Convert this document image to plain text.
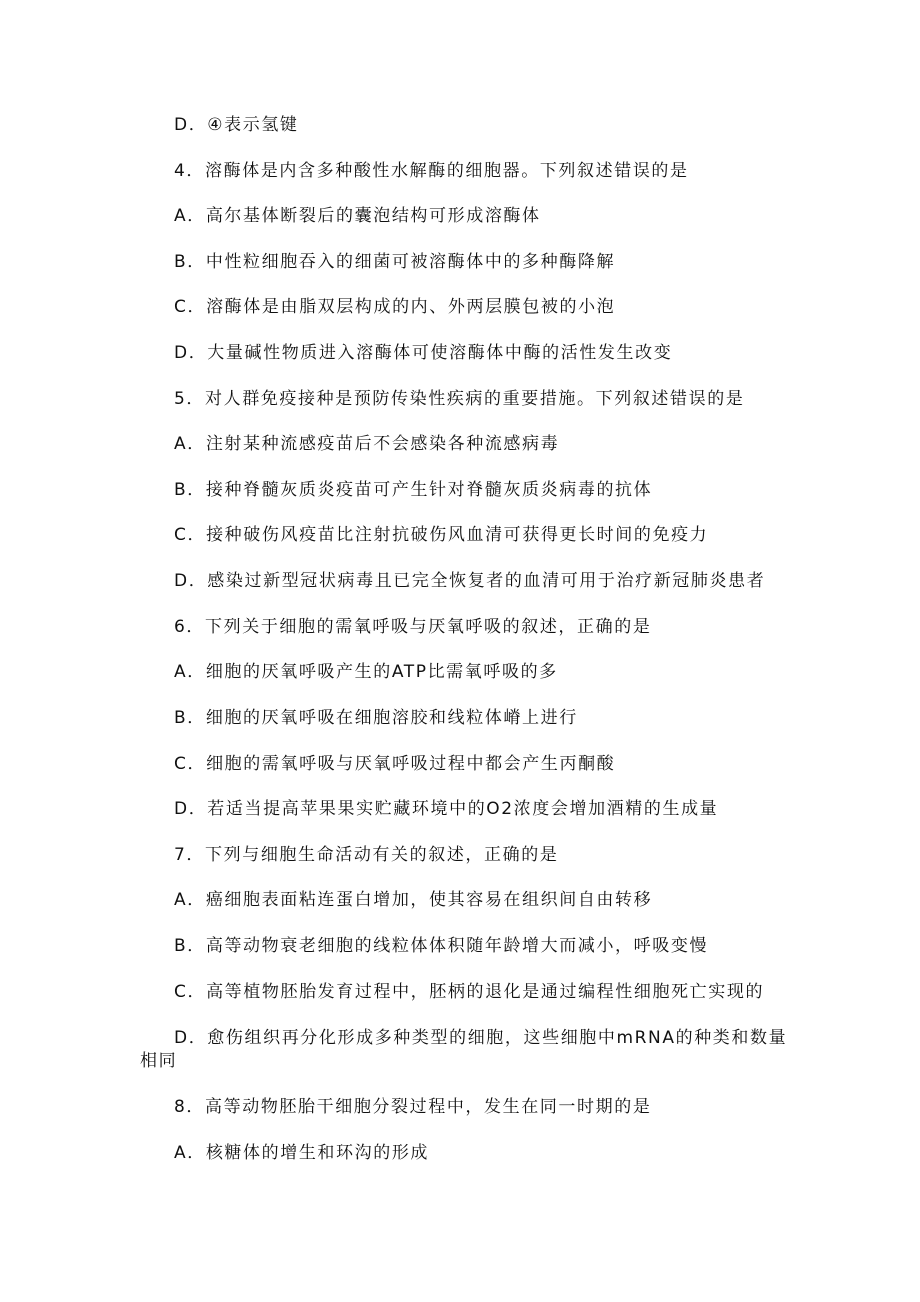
D．④表示氢键
4．溶酶体是内含多种酸性水解酶的细胞器。下列叙述错误的是
A．高尔基体断裂后的囊泡结构可形成溶酶体
B．中性粒细胞吞入的细菌可被溶酶体中的多种酶降解
C．溶酶体是由脂双层构成的内、外两层膜包被的小泡
D．大量碱性物质进入溶酶体可使溶酶体中酶的活性发生改变
5．对人群免疫接种是预防传染性疾病的重要措施。下列叙述错误的是
A．注射某种流感疫苗后不会感染各种流感病毒
B．接种脊髓灰质炎疫苗可产生针对脊髓灰质炎病毒的抗体
C．接种破伤风疫苗比注射抗破伤风血清可获得更长时间的免疫力
D．感染过新型冠状病毒且已完全恢复者的血清可用于治疗新冠肺炎患者
6．下列关于细胞的需氧呼吸与厌氧呼吸的叙述，正确的是
A．细胞的厌氧呼吸产生的ATP比需氧呼吸的多
B．细胞的厌氧呼吸在细胞溶胶和线粒体嵴上进行
C．细胞的需氧呼吸与厌氧呼吸过程中都会产生丙酮酸
D．若适当提高苹果果实贮藏环境中的O2浓度会增加酒精的生成量
7．下列与细胞生命活动有关的叙述，正确的是
A．癌细胞表面粘连蛋白增加，使其容易在组织间自由转移
B．高等动物衰老细胞的线粒体体积随年龄增大而减小，呼吸变慢
C．高等植物胚胎发育过程中，胚柄的退化是通过编程性细胞死亡实现的
D．愈伤组织再分化形成多种类型的细胞，这些细胞中mRNA的种类和数量
相同
8．高等动物胚胎干细胞分裂过程中，发生在同一时期的是
A．核糖体的增生和环沟的形成
